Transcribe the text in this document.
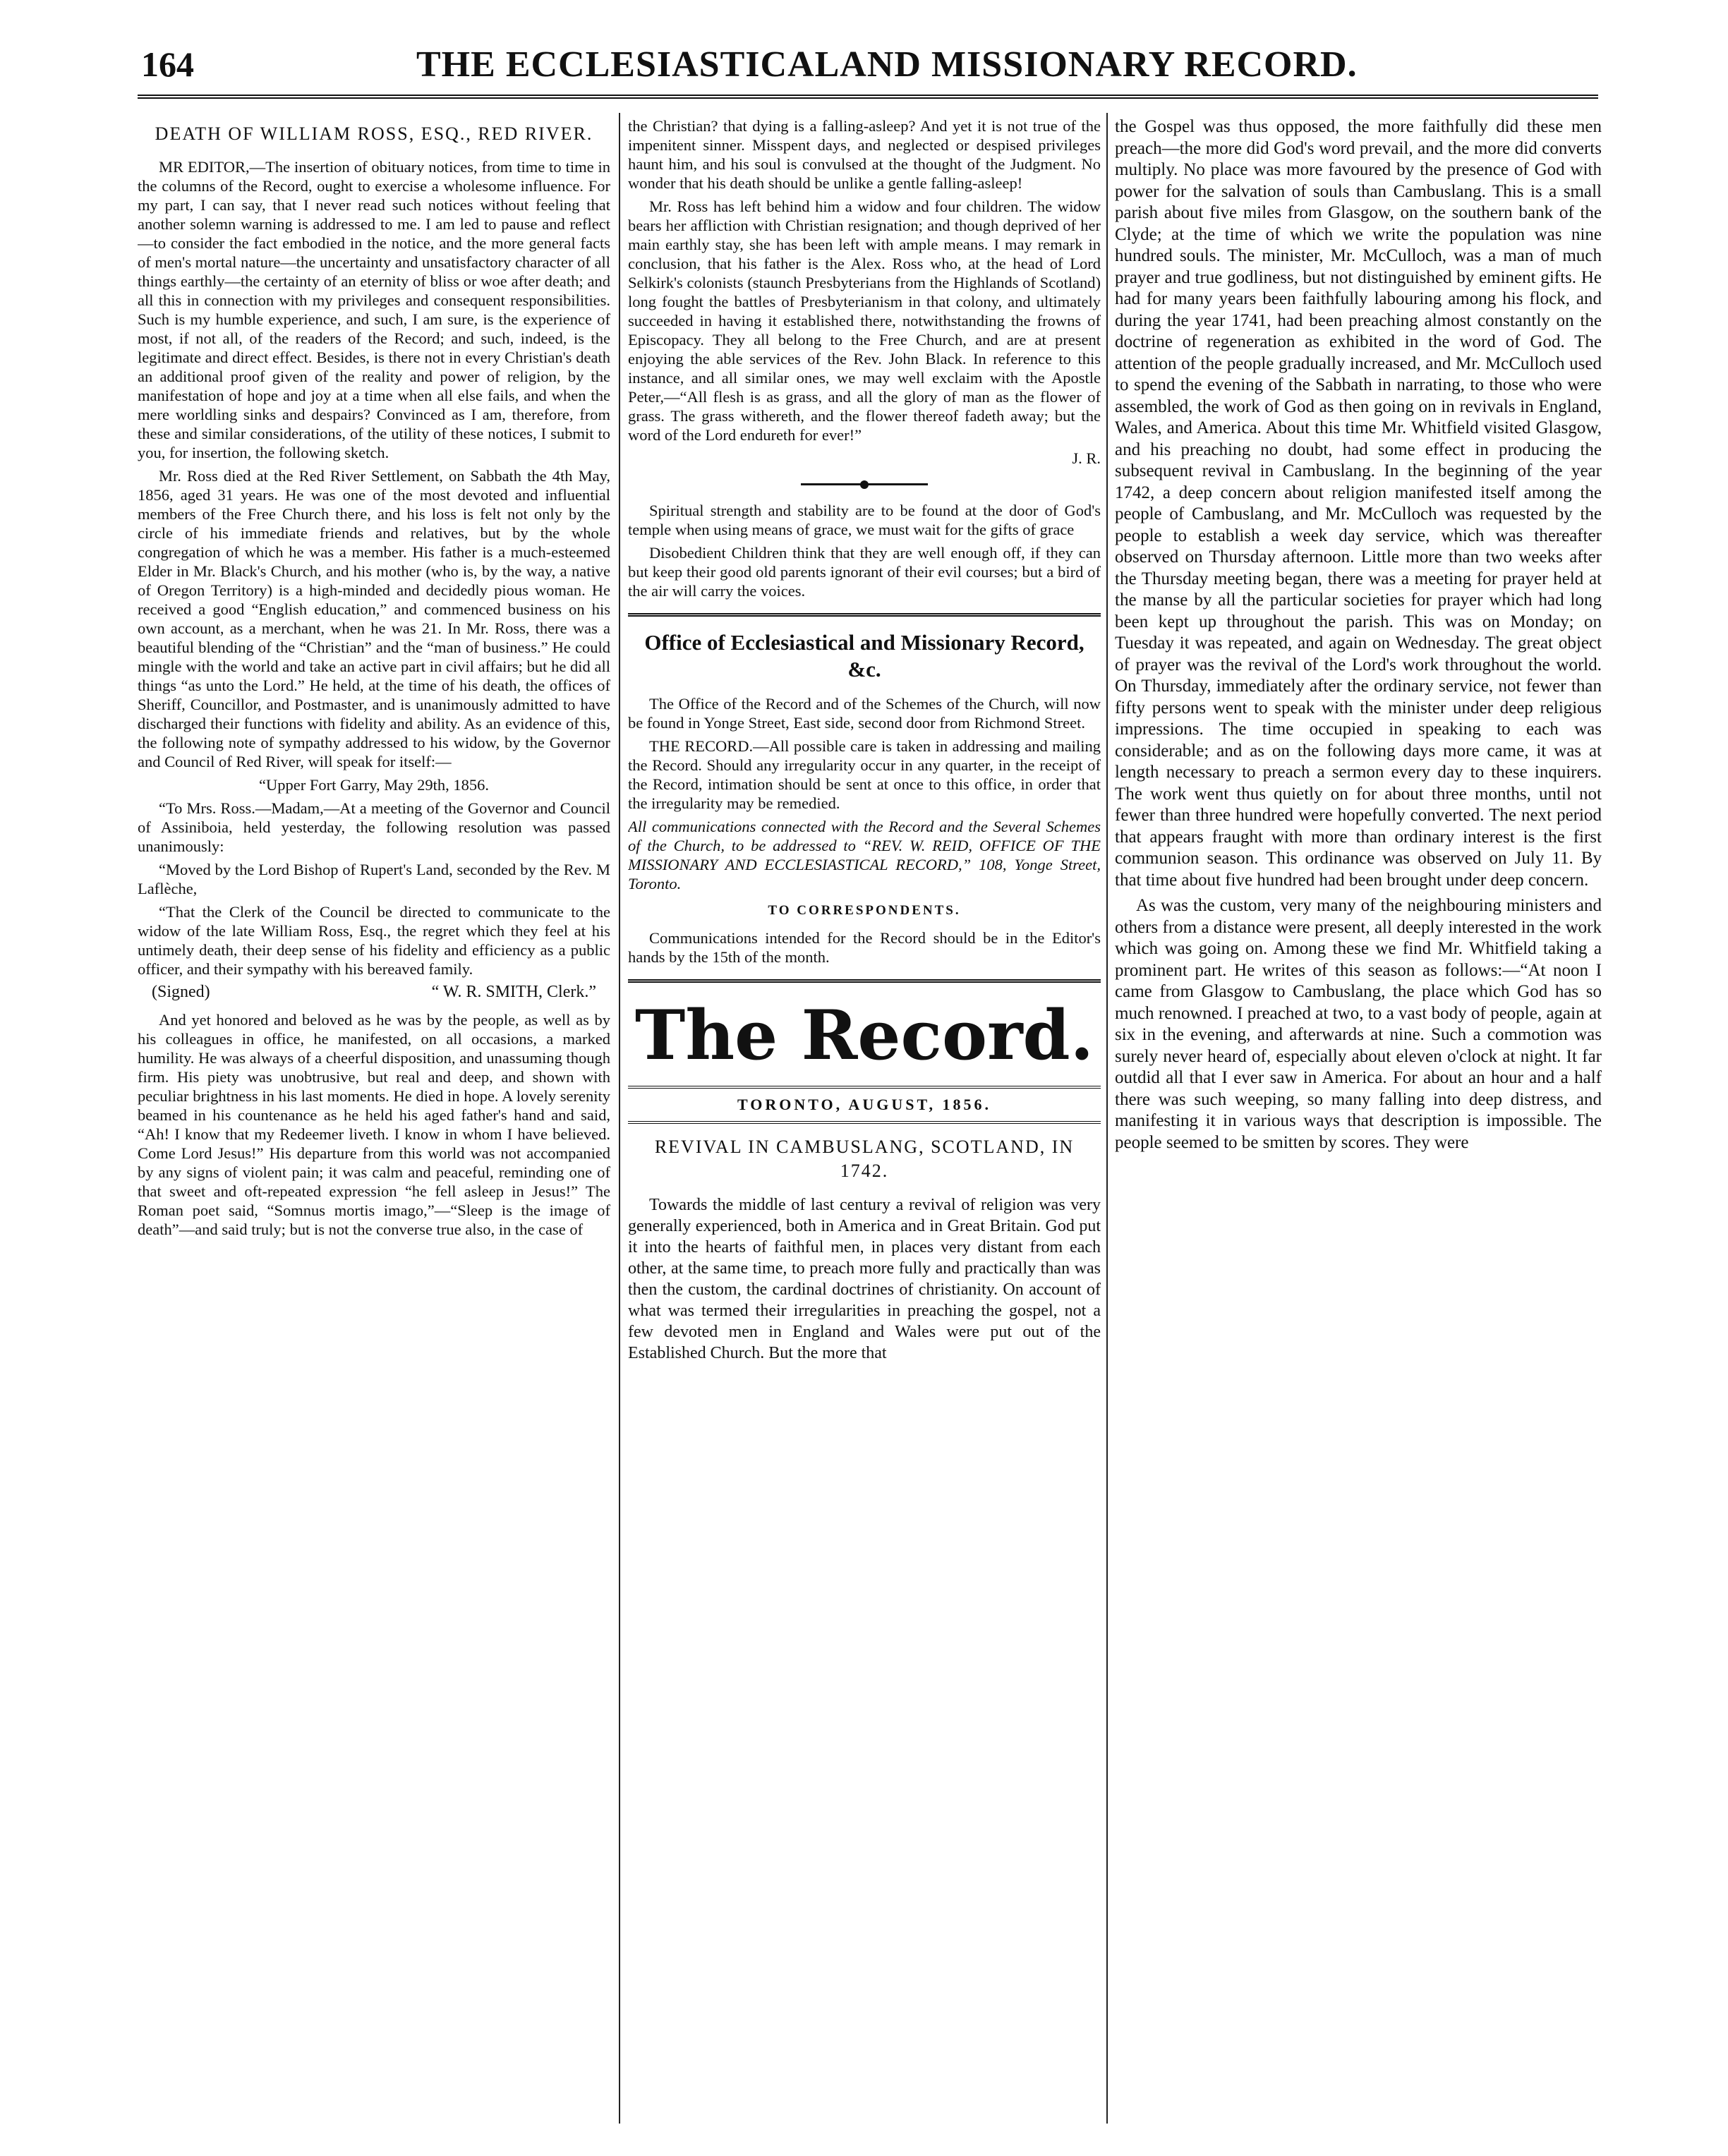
164	THE ECCLESIASTICALAND MISSIONARY RECORD.
DEATH OF WILLIAM ROSS, ESQ., RED RIVER.

MR EDITOR,—The insertion of obituary notices, from time to time in the columns of the Record, ought to exercise a wholesome influence. For my part, I can say, that I never read such notices without feeling that another solemn warning is addressed to me. I am led to pause and reflect—to consider the fact embodied in the notice, and the more general facts of men's mortal nature—the uncertainty and unsatisfactory character of all things earthly—the certainty of an eternity of bliss or woe after death; and all this in connection with my privileges and consequent responsibilities. Such is my humble experience, and such, I am sure, is the experience of most, if not all, of the readers of the Record; and such, indeed, is the legitimate and direct effect. Besides, is there not in every Christian's death an additional proof given of the reality and power of religion, by the manifestation of hope and joy at a time when all else fails, and when the mere worldling sinks and despairs? Convinced as I am, therefore, from these and similar considerations, of the utility of these notices, I submit to you, for insertion, the following sketch.

Mr. Ross died at the Red River Settlement, on Sabbath the 4th May, 1856, aged 31 years. He was one of the most devoted and influential members of the Free Church there, and his loss is felt not only by the circle of his immediate friends and relatives, but by the whole congregation of which he was a member. His father is a much-esteemed Elder in Mr. Black's Church, and his mother (who is, by the way, a native of Oregon Territory) is a high-minded and decidedly pious woman. He received a good “English education,” and commenced business on his own account, as a merchant, when he was 21. In Mr. Ross, there was a beautiful blending of the “Christian” and the “man of business.” He could mingle with the world and take an active part in civil affairs; but he did all things “as unto the Lord.” He held, at the time of his death, the offices of Sheriff, Councillor, and Postmaster, and is unanimously admitted to have discharged their functions with fidelity and ability. As an evidence of this, the following note of sympathy addressed to his widow, by the Governor and Council of Red River, will speak for itself:—

“Upper Fort Garry, May 29th, 1856.

“To Mrs. Ross.—Madam,—At a meeting of the Governor and Council of Assiniboia, held yesterday, the following resolution was passed unanimously:

“Moved by the Lord Bishop of Rupert's Land, seconded by the Rev. M Laflèche,

“That the Clerk of the Council be directed to communicate to the widow of the late William Ross, Esq., the regret which they feel at his untimely death, their deep sense of his fidelity and efficiency as a public officer, and their sympathy with his bereaved family.

(Signed)	“ W. R. SMITH, Clerk.”

And yet honored and beloved as he was by the people, as well as by his colleagues in office, he manifested, on all occasions, a marked humility. He was always of a cheerful disposition, and unassuming though firm. His piety was unobtrusive, but real and deep, and shown with peculiar brightness in his last moments. He died in hope. A lovely serenity beamed in his countenance as he held his aged father's hand and said, “Ah! I know that my Redeemer liveth. I know in whom I have believed. Come Lord Jesus!” His departure from this world was not accompanied by any signs of violent pain; it was calm and peaceful, reminding one of that sweet and oft-repeated expression “he fell asleep in Jesus!” The Roman poet said, “Somnus mortis imago,”—“Sleep is the image of death”—and said truly; but is not the converse true also, in the case of

the Christian? that dying is a falling-asleep? And yet it is not true of the impenitent sinner. Misspent days, and neglected or despised privileges haunt him, and his soul is convulsed at the thought of the Judgment. No wonder that his death should be unlike a gentle falling-asleep!

Mr. Ross has left behind him a widow and four children. The widow bears her affliction with Christian resignation; and though deprived of her main earthly stay, she has been left with ample means. I may remark in conclusion, that his father is the Alex. Ross who, at the head of Lord Selkirk's colonists (staunch Presbyterians from the Highlands of Scotland) long fought the battles of Presbyterianism in that colony, and ultimately succeeded in having it established there, notwithstanding the frowns of Episcopacy. They all belong to the Free Church, and are at present enjoying the able services of the Rev. John Black. In reference to this instance, and all similar ones, we may well exclaim with the Apostle Peter,—“All flesh is as grass, and all the glory of man as the flower of grass. The grass withereth, and the flower thereof fadeth away; but the word of the Lord endureth for ever!”

J. R.

Spiritual strength and stability are to be found at the door of God's temple when using means of grace, we must wait for the gifts of grace

Disobedient Children think that they are well enough off, if they can but keep their good old parents ignorant of their evil courses; but a bird of the air will carry the voices.

Office of Ecclesiastical and Missionary Record, &c.

The Office of the Record and of the Schemes of the Church, will now be found in Yonge Street, East side, second door from Richmond Street.

THE RECORD.—All possible care is taken in addressing and mailing the Record. Should any irregularity occur in any quarter, in the receipt of the Record, intimation should be sent at once to this office, in order that the irregularity may be remedied.

All communications connected with the Record and the Several Schemes of the Church, to be addressed to “REV. W. REID, OFFICE OF THE MISSIONARY AND ECCLESIASTICAL RECORD,” 108, Yonge Street, Toronto.

TO CORRESPONDENTS.

Communications intended for the Record should be in the Editor's hands by the 15th of the month.

The Record.
TORONTO, AUGUST, 1856.
REVIVAL IN CAMBUSLANG, SCOTLAND, IN 1742.

Towards the middle of last century a revival of religion was very generally experienced, both in America and in Great Britain. God put it into the hearts of faithful men, in places very distant from each other, at the same time, to preach more fully and practically than was then the custom, the cardinal doctrines of christianity. On account of what was termed their irregularities in preaching the gospel, not a few devoted men in England and Wales were put out of the Established Church. But the more that

the Gospel was thus opposed, the more faithfully did these men preach—the more did God's word prevail, and the more did converts multiply. No place was more favoured by the presence of God with power for the salvation of souls than Cambuslang. This is a small parish about five miles from Glasgow, on the southern bank of the Clyde; at the time of which we write the population was nine hundred souls. The minister, Mr. McCulloch, was a man of much prayer and true godliness, but not distinguished by eminent gifts. He had for many years been faithfully labouring among his flock, and during the year 1741, had been preaching almost constantly on the doctrine of regeneration as exhibited in the word of God. The attention of the people gradually increased, and Mr. McCulloch used to spend the evening of the Sabbath in narrating, to those who were assembled, the work of God as then going on in revivals in England, Wales, and America. About this time Mr. Whitfield visited Glasgow, and his preaching no doubt, had some effect in producing the subsequent revival in Cambuslang. In the beginning of the year 1742, a deep concern about religion manifested itself among the people of Cambuslang, and Mr. McCulloch was requested by the people to establish a week day service, which was thereafter observed on Thursday afternoon. Little more than two weeks after the Thursday meeting began, there was a meeting for prayer held at the manse by all the particular societies for prayer which had long been kept up throughout the parish. This was on Monday; on Tuesday it was repeated, and again on Wednesday. The great object of prayer was the revival of the Lord's work throughout the world. On Thursday, immediately after the ordinary service, not fewer than fifty persons went to speak with the minister under deep religious impressions. The time occupied in speaking to each was considerable; and as on the following days more came, it was at length necessary to preach a sermon every day to these inquirers. The work went thus quietly on for about three months, until not fewer than three hundred were hopefully converted. The next period that appears fraught with more than ordinary interest is the first communion season. This ordinance was observed on July 11. By that time about five hundred had been brought under deep concern.

As was the custom, very many of the neighbouring ministers and others from a distance were present, all deeply interested in the work which was going on. Among these we find Mr. Whitfield taking a prominent part. He writes of this season as follows:—“At noon I came from Glasgow to Cambuslang, the place which God has so much renowned. I preached at two, to a vast body of people, again at six in the evening, and afterwards at nine. Such a commotion was surely never heard of, especially about eleven o'clock at night. It far outdid all that I ever saw in America. For about an hour and a half there was such weeping, so many falling into deep distress, and manifesting it in various ways that description is impossible. The people seemed to be smitten by scores. They were
